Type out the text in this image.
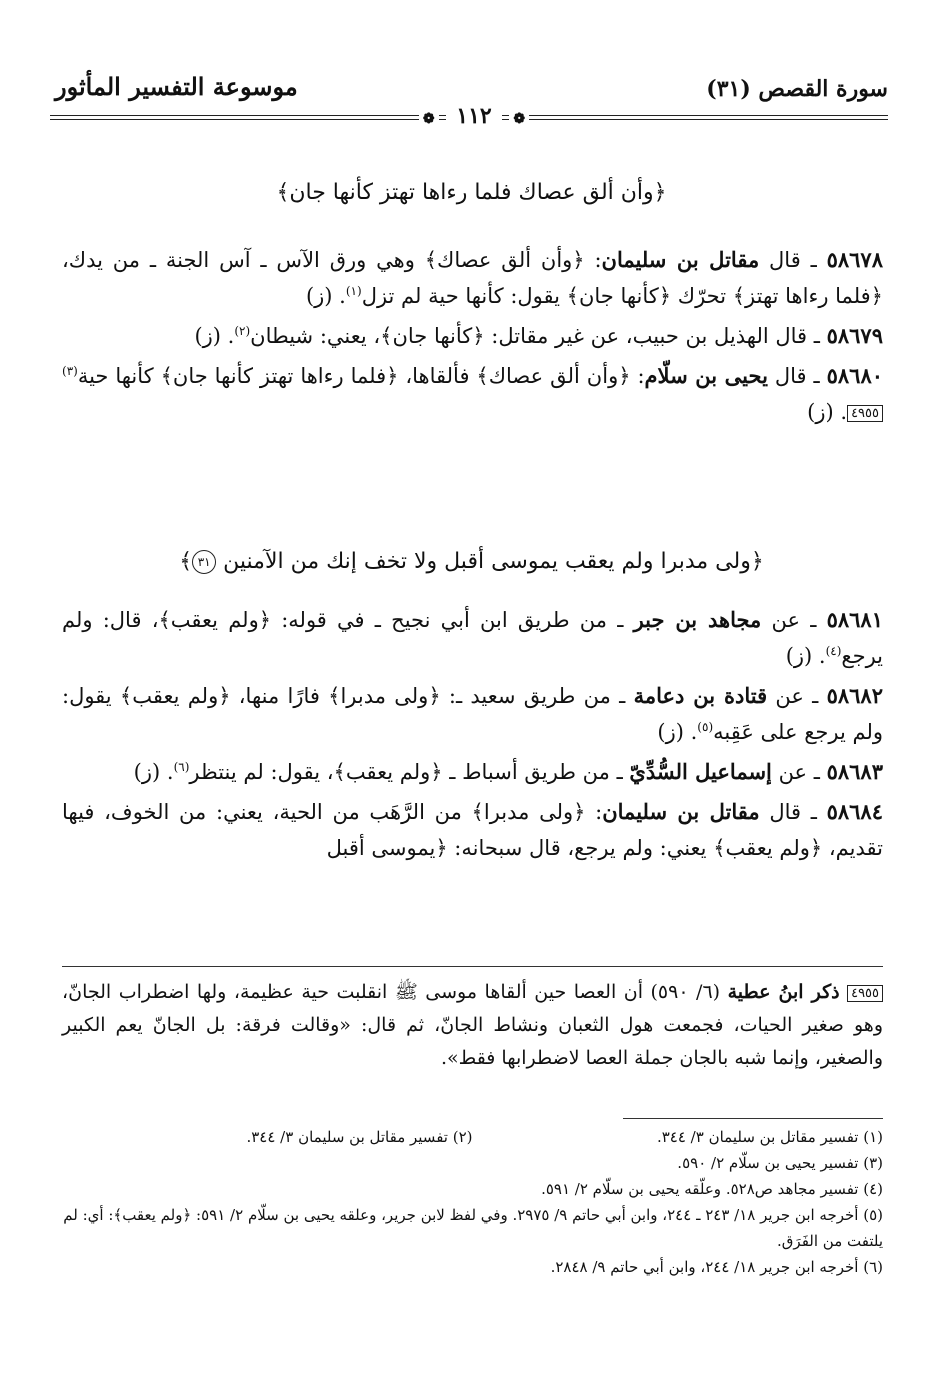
سورة القصص (٣١)
موسوعة التفسير المأثور
❁ ١١٢ ❁
﴿وأن ألق عصاك فلما رءاها تهتز كأنها جان﴾
٥٨٦٧٨ ـ قال مقاتل بن سليمان: ﴿وأن ألق عصاك﴾ وهي ورق الآس ـ آس الجنة ـ من يدك، ﴿فلما رءاها تهتز﴾ تحرّك ﴿كأنها جان﴾ يقول: كأنها حية لم تزل$^{(١)}$. (ز)
٥٨٦٧٩ ـ قال الهذيل بن حبيب، عن غير مقاتل: ﴿كأنها جان﴾، يعني: شيطان$^{(٢)}$. (ز)
٥٨٦٨٠ ـ قال يحيى بن سلّام: ﴿وأن ألق عصاك﴾ فألقاها، ﴿فلما رءاها تهتز كأنها جان﴾ كأنها حية$^{(٣)}$٤٩٥٥. (ز)
﴿ولى مدبرا ولم يعقب يموسى أقبل ولا تخف إنك من الآمنين ٣١﴾
٥٨٦٨١ ـ عن مجاهد بن جبر ـ من طريق ابن أبي نجيح ـ في قوله: ﴿ولم يعقب﴾، قال: ولم يرجع$^{(٤)}$. (ز)
٥٨٦٨٢ ـ عن قتادة بن دعامة ـ من طريق سعيد ـ: ﴿ولى مدبرا﴾ فارًا منها، ﴿ولم يعقب﴾ يقول: ولم يرجع على عَقِبه$^{(٥)}$. (ز)
٥٨٦٨٣ ـ عن إسماعيل السُّدِّيّ ـ من طريق أسباط ـ ﴿ولم يعقب﴾، يقول: لم ينتظر$^{(٦)}$. (ز)
٥٨٦٨٤ ـ قال مقاتل بن سليمان: ﴿ولى مدبرا﴾ من الرَّهَب من الحية، يعني: من الخوف، فيها تقديم، ﴿ولم يعقب﴾ يعني: ولم يرجع، قال سبحانه: ﴿يموسى أقبل
٤٩٥٥ ذكر ابنُ عطية (٦/ ٥٩٠) أن العصا حين ألقاها موسى ﷺ انقلبت حية عظيمة، ولها اضطراب الجانّ، وهو صغير الحيات، فجمعت هول الثعبان ونشاط الجانّ، ثم قال: «وقالت فرقة: بل الجانّ يعم الكبير والصغير، وإنما شبه بالجان جملة العصا لاضطرابها فقط».
(١) تفسير مقاتل بن سليمان ٣/ ٣٤٤.
(٢) تفسير مقاتل بن سليمان ٣/ ٣٤٤.
(٣) تفسير يحيى بن سلّام ٢/ ٥٩٠.
(٤) تفسير مجاهد ص٥٢٨. وعلّقه يحيى بن سلّام ٢/ ٥٩١.
(٥) أخرجه ابن جرير ١٨/ ٢٤٣ ـ ٢٤٤، وابن أبي حاتم ٩/ ٢٩٧٥. وفي لفظ لابن جرير، وعلقه يحيى بن سلّام ٢/ ٥٩١: ﴿ولم يعقب﴾: أي: لم يلتفت من الفَرَق.
(٦) أخرجه ابن جرير ١٨/ ٢٤٤، وابن أبي حاتم ٩/ ٢٨٤٨.
